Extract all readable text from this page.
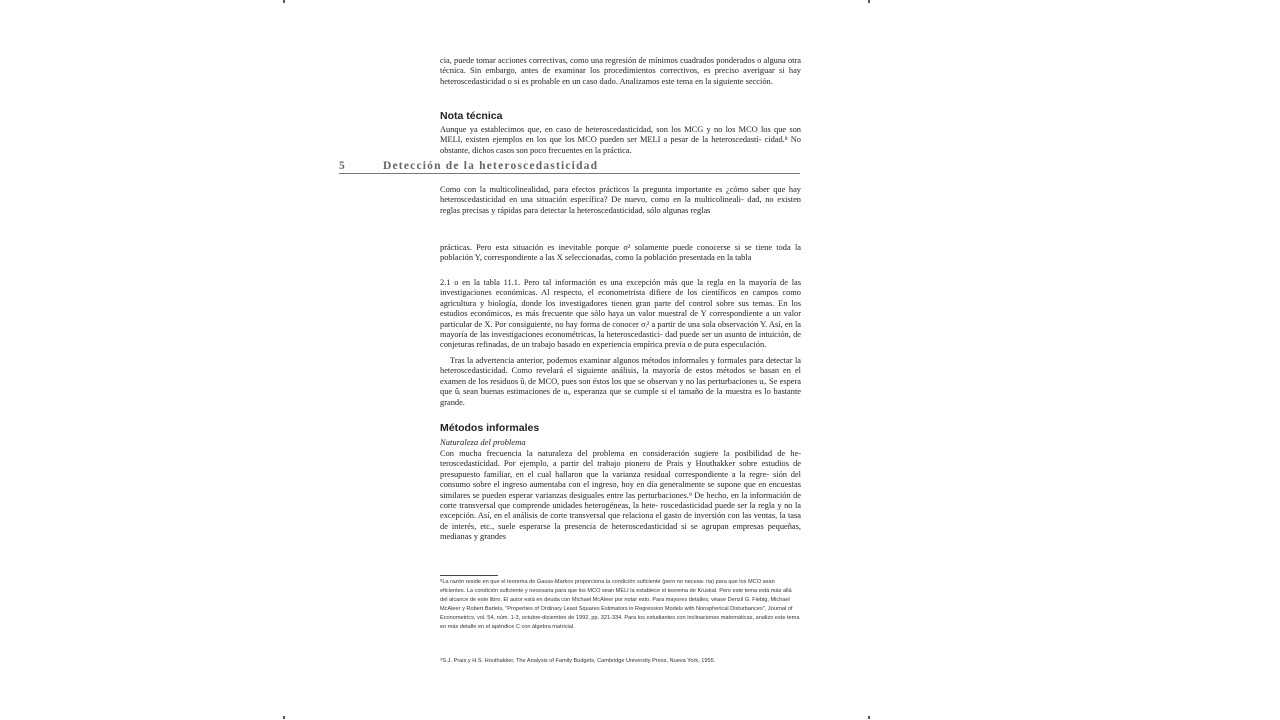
cia, puede tomar acciones correctivas, como una regresión de mínimos cuadrados ponderados o alguna otra técnica. Sin embargo, antes de examinar los procedimientos correctivos, es preciso averiguar si hay heteroscedasticidad o si es probable en un caso dado. Analizamos este tema en la siguiente sección.

Nota técnica

Aunque ya establecimos que, en caso de heteroscedasticidad, son los MCG y no los MCO los que son MELI, existen ejemplos en los que los MCO pueden ser MELI a pesar de la heteroscedastí- cidad.⁸ No obstante, dichos casos son poco frecuentes en la práctica.

5	Detección de la heteroscedasticidad

Como con la multicolinealidad, para efectos prácticos la pregunta importante es ¿cómo saber que hay heteroscedasticidad en una situación específica? De nuevo, como en la multicolineali- dad, no existen reglas precisas y rápidas para detectar la heteroscedasticidad, sólo algunas reglas

prácticas. Pero esta situación es inevitable porque σ² solamente puede conocerse si se tiene toda la población Y, correspondiente a las X seleccionadas, como la población presentada en la tabla

2.1 o en la tabla 11.1. Pero tal información es una excepción más que la regla en la mayoría de las investigaciones económicas. Al respecto, el econometrista difiere de los científicos en campos como agricultura y biología, donde los investigadores tienen gran parte del control sobre sus temas. En los estudios económicos, es más frecuente que sólo haya un valor muestral de Y correspondiente a un valor particular de X. Por consiguiente, no hay forma de conocer σᵢ² a partir de una sola observación Y. Así, en la mayoría de las investigaciones econométricas, la heteroscedastici- dad puede ser un asunto de intuición, de conjeturas refinadas, de un trabajo basado en experiencia empírica previa o de pura especulación.

Tras la advertencia anterior, podemos examinar algunos métodos informales y formales para detectar la heteroscedasticidad. Como revelará el siguiente análisis, la mayoría de estos métodos se basan en el examen de los residuos ûᵢ de MCO, pues son éstos los que se observan y no las perturbaciones uᵢ. Se espera que ûᵢ sean buenas estimaciones de uᵢ, esperanza que se cumple si el tamaño de la muestra es lo bastante grande.

Métodos informales

Naturaleza del problema

Con mucha frecuencia la naturaleza del problema en consideración sugiere la posibilidad de he- teroscedasticidad. Por ejemplo, a partir del trabajo pionero de Prais y Houthakker sobre estudios de presupuesto familiar, en el cual hallaron que la varianza residual correspondiente a la regre- sión del consumo sobre el ingreso aumentaba con el ingreso, hoy en día generalmente se supone que en encuestas similares se pueden esperar varianzas desiguales entre las perturbaciones.⁹ De hecho, en la información de corte transversal que comprende unidades heterogéneas, la hete- roscedasticidad puede ser la regla y no la excepción. Así, en el análisis de corte transversal que relaciona el gasto de inversión con las ventas, la tasa de interés, etc., suele esperarse la presencia de heteroscedasticidad si se agrupan empresas pequeñas, medianas y grandes

⁸La razón reside en que el teorema de Gauss-Markov proporciona la condición suficiente (pero no necesa- ria) para que los MCO sean eficientes. La condición suficiente y necesaria para que los MCO sean MELI la establece el teorema de Kruskal. Pero este tema está más allá del alcance de este libro. El autor está en deuda con Michael McAleer por notar esto. Para mayores detalles, véase Denzil G. Fiebig, Michael McAleer y Robert Bartels, "Properties of Ordinary Least Squares Estimators in Regression Models with Nonspherical Disturbances", Journal of Econometrics, vol. 54, núm. 1-3, octubre-diciembre de 1992, pp. 321-334. Para los estudiantes con inclinaciones matemáticas, analizo este tema en más detalle en el apéndice C con álgebra matricial.

⁹S.J. Prais y H.S. Houthakker, The Analysis of Family Budgets, Cambridge University Press, Nueva York, 1955.
